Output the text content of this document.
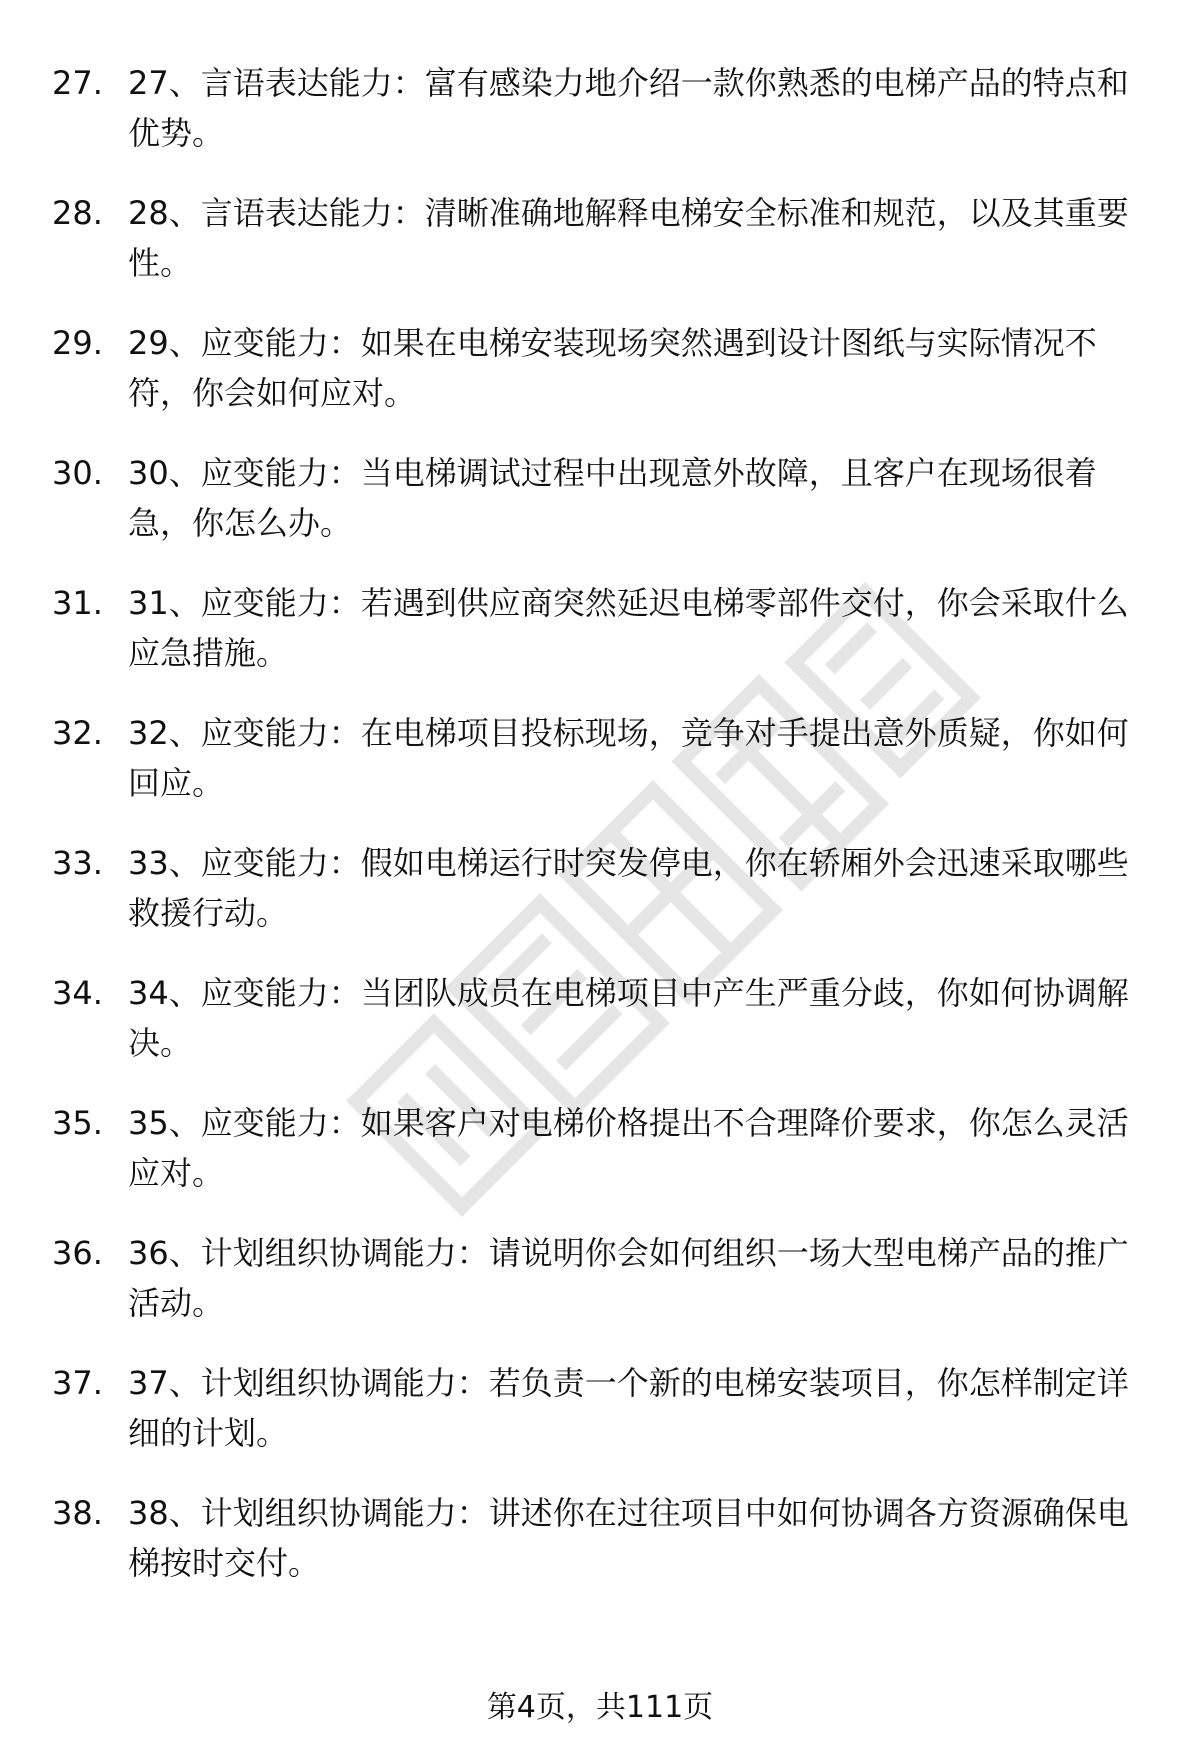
27. 27、言语表达能力：富有感染力地介绍一款你熟悉的电梯产品的特点和优势。
28. 28、言语表达能力：清晰准确地解释电梯安全标准和规范，以及其重要性。
29. 29、应变能力：如果在电梯安装现场突然遇到设计图纸与实际情况不符，你会如何应对。
30. 30、应变能力：当电梯调试过程中出现意外故障，且客户在现场很着急，你怎么办。
31. 31、应变能力：若遇到供应商突然延迟电梯零部件交付，你会采取什么应急措施。
32. 32、应变能力：在电梯项目投标现场，竞争对手提出意外质疑，你如何回应。
33. 33、应变能力：假如电梯运行时突发停电，你在轿厢外会迅速采取哪些救援行动。
34. 34、应变能力：当团队成员在电梯项目中产生严重分歧，你如何协调解决。
35. 35、应变能力：如果客户对电梯价格提出不合理降价要求，你怎么灵活应对。
36. 36、计划组织协调能力：请说明你会如何组织一场大型电梯产品的推广活动。
37. 37、计划组织协调能力：若负责一个新的电梯安装项目，你怎样制定详细的计划。
38. 38、计划组织协调能力：讲述你在过往项目中如何协调各方资源确保电梯按时交付。
第4页，共111页
